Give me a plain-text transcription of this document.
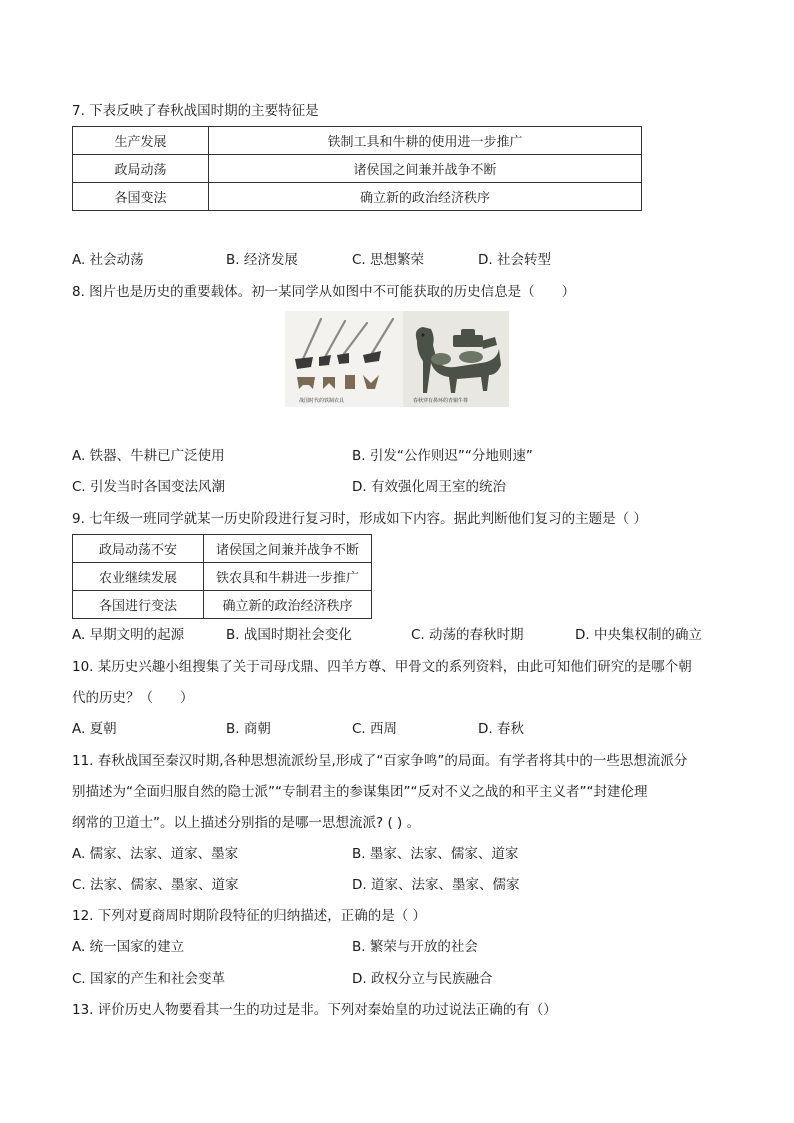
7. 下表反映了春秋战国时期的主要特征是
生产发展	铁制工具和牛耕的使用进一步推广
政局动荡	诸侯国之间兼并战争不断
各国变法	确立新的政治经济秩序
A. 社会动荡	B. 经济发展	C. 思想繁荣	D. 社会转型
8. 图片也是历史的重要载体。初一某同学从如图中不可能获取的历史信息是（　　）
战国时代的铁制农具	春秋穿有鼻环的青铜牛尊
A. 铁器、牛耕已广泛使用	B. 引发“公作则迟”“分地则速”
C. 引发当时各国变法风潮	D. 有效强化周王室的统治
9. 七年级一班同学就某一历史阶段进行复习时，形成如下内容。据此判断他们复习的主题是（ ）
政局动荡不安	诸侯国之间兼并战争不断
农业继续发展	铁农具和牛耕进一步推广
各国进行变法	确立新的政治经济秩序
A. 早期文明的起源	B. 战国时期社会变化	C. 动荡的春秋时期	D. 中央集权制的确立
10. 某历史兴趣小组搜集了关于司母戊鼎、四羊方尊、甲骨文的系列资料，由此可知他们研究的是哪个朝
代的历史？（　　）
A. 夏朝	B. 商朝	C. 西周	D. 春秋
11. 春秋战国至秦汉时期,各种思想流派纷呈,形成了“百家争鸣”的局面。有学者将其中的一些思想流派分
别描述为“全面归服自然的隐士派”“专制君主的参谋集团”“反对不义之战的和平主义者”“封建伦理
纲常的卫道士”。以上描述分别指的是哪一思想流派? ( ) 。
A. 儒家、法家、道家、墨家	B. 墨家、法家、儒家、道家
C. 法家、儒家、墨家、道家	D. 道家、法家、墨家、儒家
12. 下列对夏商周时期阶段特征的归纳描述，正确的是（ ）
A. 统一国家的建立	B. 繁荣与开放的社会
C. 国家的产生和社会变革	D. 政权分立与民族融合
13. 评价历史人物要看其一生的功过是非。下列对秦始皇的功过说法正确的有（）
